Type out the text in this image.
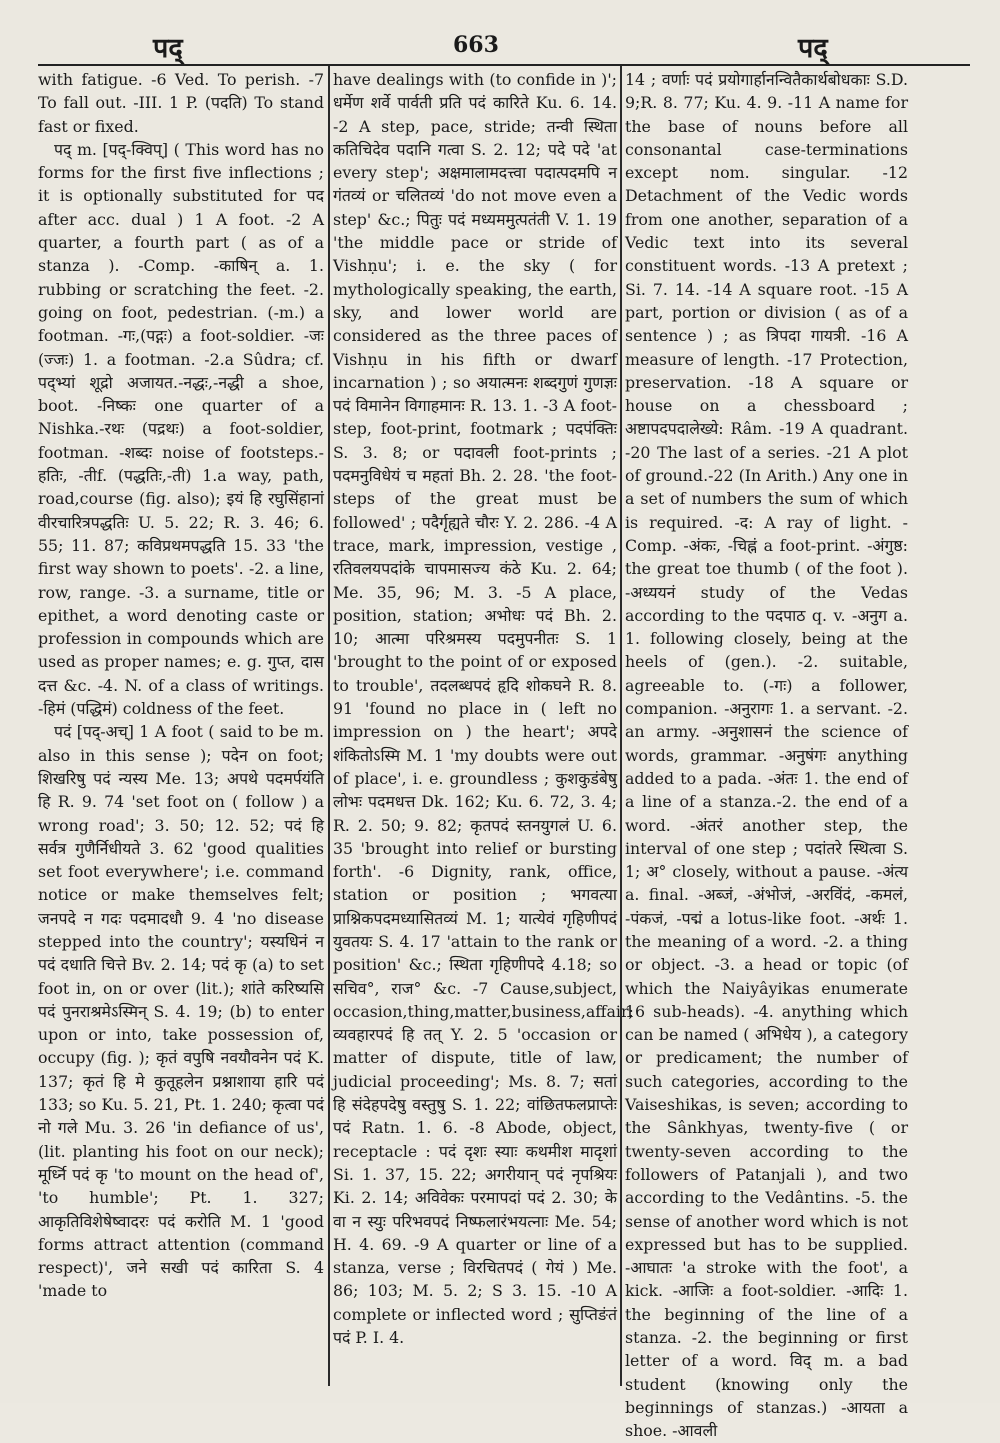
पद्	663	पद्

with fatigue. -6 Ved. To perish. -7 To fall out. -III. 1 P. (पदति) To stand fast or fixed.

पद् m. [पद्-क्विप्] ( This word has no forms for the first five inflections ; it is optionally substituted for पद after acc. dual ) 1 A foot. -2 A quarter, a fourth part ( as of a stanza ). -Comp. -काषिन् a. 1. rubbing or scratching the feet. -2. going on foot, pedestrian. (-m.) a footman. -गः,(पद्गः) a foot-soldier. -जः (ज्जः) 1. a footman. -2.a Sûdra; cf. पद्भ्यां शूद्रो अजायत.-नद्धः,-नद्धी a shoe, boot. -निष्कः one quarter of a Nishka.-रथः (पद्रथः) a foot-soldier, footman. -शब्दः noise of footsteps.-हतिः, -तीf. (पद्धतिः,-ती) 1.a way, path, road,course (fig. also); इयं हि रघुसिंहानां वीरचारित्रपद्धतिः U. 5. 22; R. 3. 46; 6. 55; 11. 87; कविप्रथमपद्धति 15. 33 'the first way shown to poets'. -2. a line, row, range. -3. a surname, title or epithet, a word denoting caste or profession in compounds which are used as proper names; e. g. गुप्त, दास दत्त &c. -4. N. of a class of writings. -हिमं (पद्धिमं) coldness of the feet.

पदं [पद्-अच्] 1 A foot ( said to be m. also in this sense ); पदेन on foot; शिखरिषु पदं न्यस्य Me. 13; अपथे पदमर्पयंति हि R. 9. 74 'set foot on ( follow ) a wrong road'; 3. 50; 12. 52; पदं हि सर्वत्र गुणैर्निधीयते 3. 62 'good qualities set foot everywhere'; i.e. command notice or make themselves felt; जनपदे न गदः पदमादधौ 9. 4 'no disease stepped into the country'; यस्यधिनं न पदं दधाति चित्ते Bv. 2. 14; पदं कृ (a) to set foot in, on or over (lit.); शांते करिष्यसि पदं पुनराश्रमेऽस्मिन् S. 4. 19; (b) to enter upon or into, take possession of, occupy (fig. ); कृतं वपुषि नवयौवनेन पदं K. 137; कृतं हि मे कुतूहलेन प्रश्नाशाया हारि पदं 133; so Ku. 5. 21, Pt. 1. 240; कृत्वा पदं नो गले Mu. 3. 26 'in defiance of us', (lit. planting his foot on our neck); मूर्ध्नि पदं कृ 'to mount on the head of', 'to humble'; Pt. 1. 327; आकृतिविशेषेष्वादरः पदं करोति M. 1 'good forms attract attention (command respect)', जने सखी पदं कारिता S. 4 'made to

have dealings with (to confide in )'; धर्मेण शर्वे पार्वती प्रति पदं कारिते Ku. 6. 14. -2 A step, pace, stride; तन्वी स्थिता कतिचिदेव पदानि गत्वा S. 2. 12; पदे पदे 'at every step'; अक्षमालामदत्त्वा पदात्पदमपि न गंतव्यं or चलितव्यं 'do not move even a step' &c.; पितुः पदं मध्यममुत्पतंती V. 1. 19 'the middle pace or stride of Vishṇu'; i. e. the sky ( for mythologically speaking, the earth, sky, and lower world are considered as the three paces of Vishṇu in his fifth or dwarf incarnation ) ; so अयात्मनः शब्दगुणं गुणज्ञः पदं विमानेन विगाहमानः R. 13. 1. -3 A foot-step, foot-print, footmark ; पदपंक्तिः S. 3. 8; or पदावली foot-prints ; पदमनुविधेयं च महतां Bh. 2. 28. 'the foot-steps of the great must be followed' ; पदैर्गृह्यते चौरः Y. 2. 286. -4 A trace, mark, impression, vestige , रतिवलयपदांके चापमासज्य कंठे Ku. 2. 64; Me. 35, 96; M. 3. -5 A place, position, station; अभोधः पदं Bh. 2. 10; आत्मा परिश्रमस्य पदमुपनीतः S. 1 'brought to the point of or exposed to trouble', तदलब्धपदं हृदि शोकघने R. 8. 91 'found no place in ( left no impression on ) the heart'; अपदे शंकितोऽस्मि M. 1 'my doubts were out of place', i. e. groundless ; कुशकुडंबेषु लोभः पदमधत्त Dk. 162; Ku. 6. 72, 3. 4; R. 2. 50; 9. 82; कृतपदं स्तनयुगलं U. 6. 35 'brought into relief or bursting forth'. -6 Dignity, rank, office, station or position ; भगवत्या प्राश्निकपदमध्यासितव्यं M. 1; यात्येवं गृहिणीपदं युवतयः S. 4. 17 'attain to the rank or position' &c.; स्थिता गृहिणीपदे 4.18; so सचिव°, राज° &c. -7 Cause,subject, occasion,thing,matter,business,affair; व्यवहारपदं हि तत् Y. 2. 5 'occasion or matter of dispute, title of law, judicial proceeding'; Ms. 8. 7; सतां हि संदेहपदेषु वस्तुषु S. 1. 22; वांछितफलप्राप्तेः पदं Ratn. 1. 6. -8 Abode, object, receptacle : पदं दृशः स्याः कथमीश मादृशां Si. 1. 37, 15. 22; अगरीयान् पदं नृपश्रियः Ki. 2. 14; अविवेकः परमापदां पदं 2. 30; के वा न स्युः परिभवपदं निष्फलारंभयत्नाः Me. 54; H. 4. 69. -9 A quarter or line of a stanza, verse ; विरचितपदं ( गेयं ) Me. 86; 103; M. 5. 2; S 3. 15. -10 A complete or inflected word ; सुप्तिङंतं पदं P. I. 4.

14 ; वर्णाः पदं प्रयोगार्हानन्वितैकार्थबोधकाः S.D. 9;R. 8. 77; Ku. 4. 9. -11 A name for the base of nouns before all consonantal case-terminations except nom. singular. -12 Detachment of the Vedic words from one another, separation of a Vedic text into its several constituent words. -13 A pretext ; Si. 7. 14. -14 A square root. -15 A part, portion or division ( as of a sentence ) ; as त्रिपदा गायत्री. -16 A measure of length. -17 Protection, preservation. -18 A square or house on a chessboard ; अष्टापदपदालेख्ये: Râm. -19 A quadrant. -20 The last of a series. -21 A plot of ground.-22 (In Arith.) Any one in a set of numbers the sum of which is required. -द: A ray of light. -Comp. -अंकः, -चिह्नं a foot-print. -अंगुष्ठ: the great toe thumb ( of the foot ). -अध्ययनं study of the Vedas according to the पदपाठ q. v. -अनुग a. 1. following closely, being at the heels of (gen.). -2. suitable, agreeable to. (-गः) a follower, companion. -अनुरागः 1. a servant. -2. an army. -अनुशासनं the science of words, grammar. -अनुषंगः anything added to a pada. -अंतः 1. the end of a line of a stanza.-2. the end of a word. -अंतरं another step, the interval of one step ; पदांतरे स्थित्वा S. 1; अ° closely, without a pause. -अंत्य a. final. -अब्जं, -अंभोजं, -अरविंदं, -कमलं, -पंकजं, -पद्मं a lotus-like foot. -अर्थः 1. the meaning of a word. -2. a thing or object. -3. a head or topic (of which the Naiyâyikas enumerate 16 sub-heads). -4. anything which can be named ( अभिधेय ), a category or predicament; the number of such categories, according to the Vaiseshikas, is seven; according to the Sânkhyas, twenty-five ( or twenty-seven according to the followers of Patanjali ), and two according to the Vedântins. -5. the sense of another word which is not expressed but has to be supplied. -आघातः 'a stroke with the foot', a kick. -आजिः a foot-soldier. -आदिः 1. the beginning of the line of a stanza. -2. the beginning or first letter of a word. विद् m. a bad student (knowing only the beginnings of stanzas.) -आयता a shoe. -आवली
